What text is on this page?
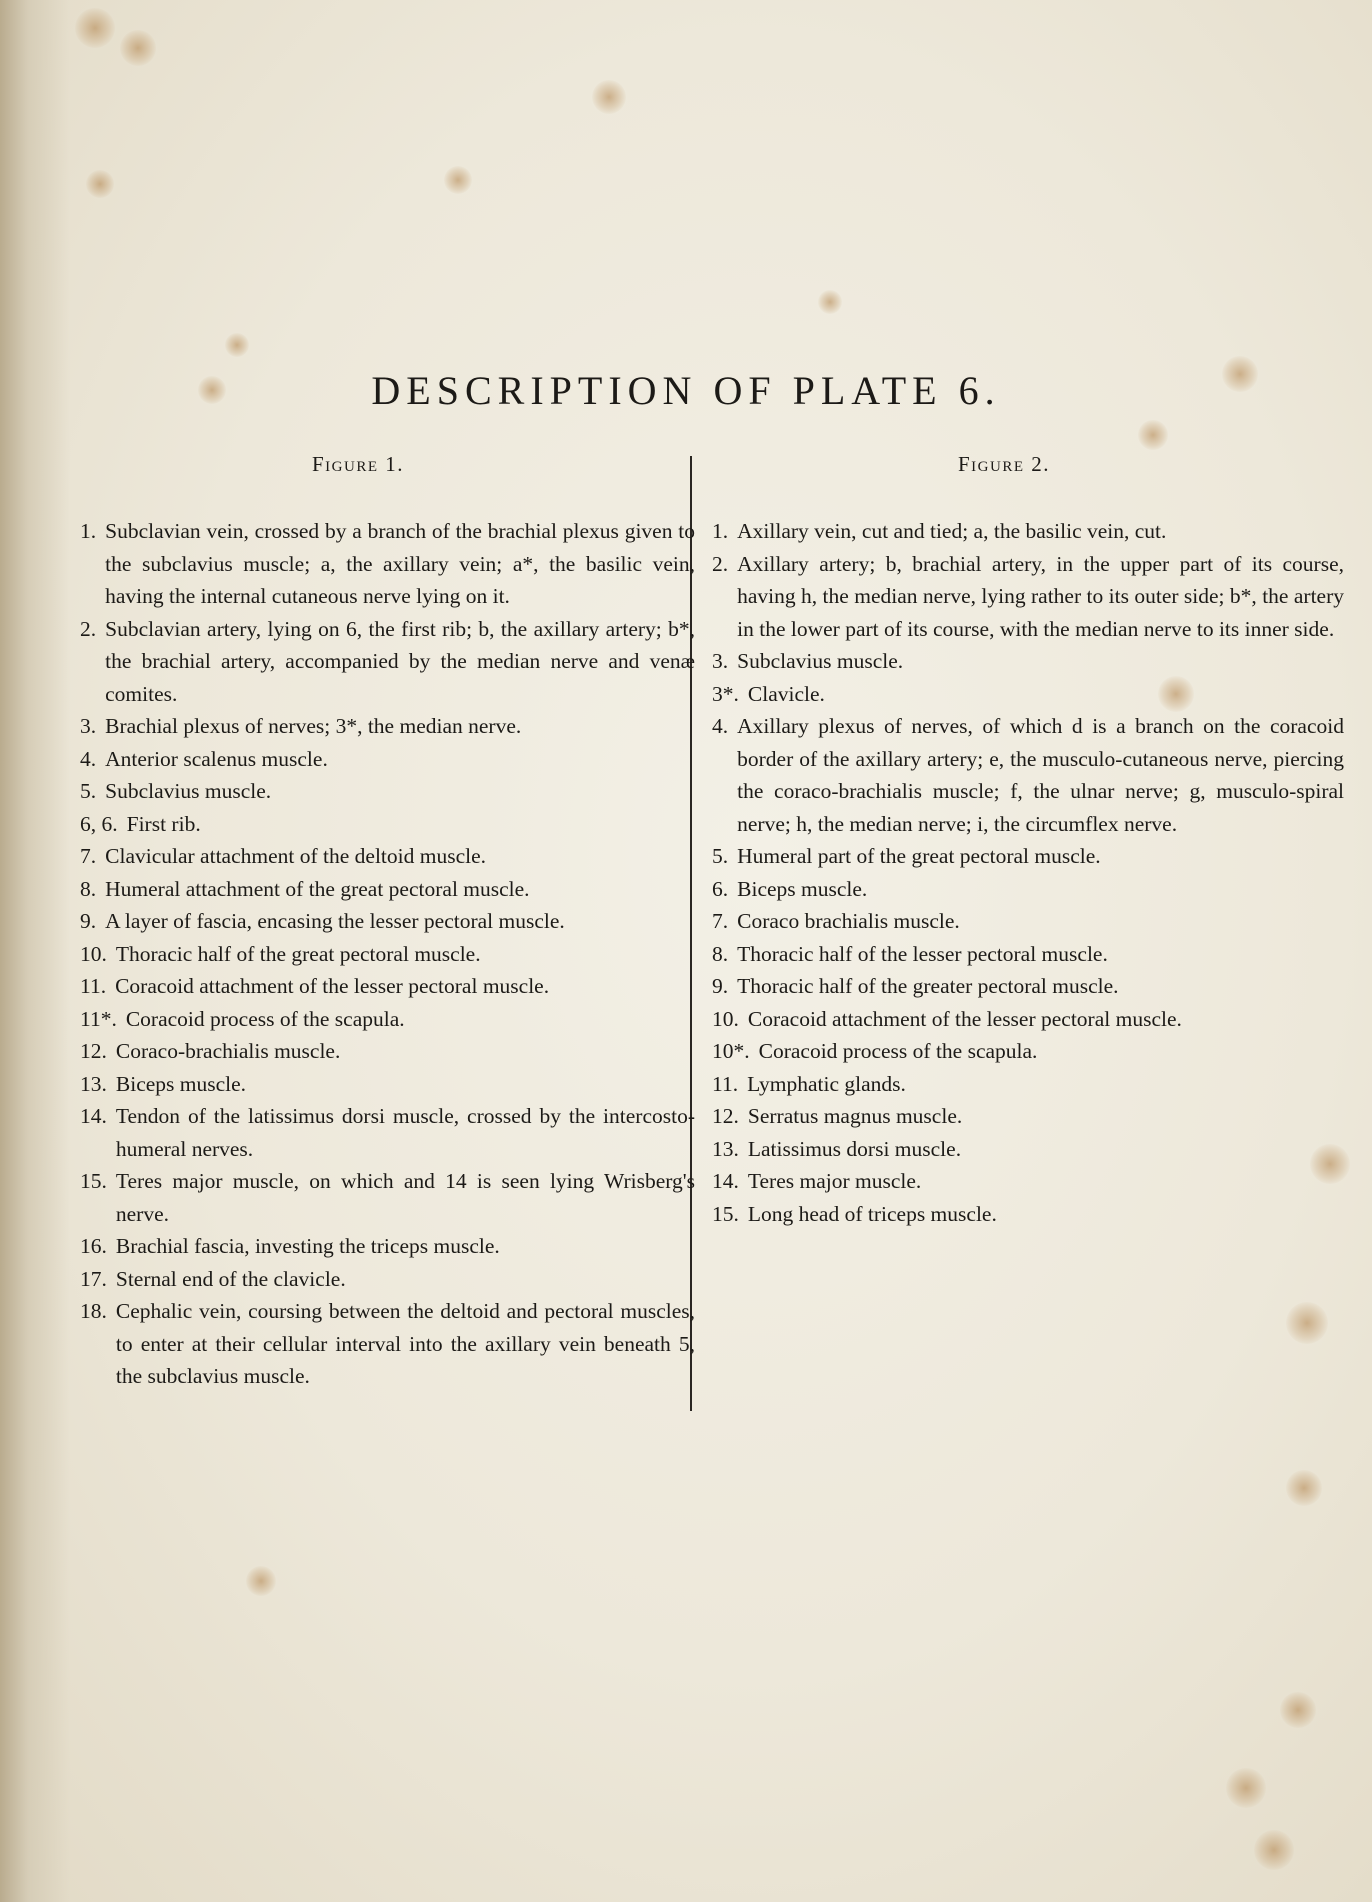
DESCRIPTION OF PLATE 6.
Figure 1.	Figure 2.
1. Subclavian vein, crossed by a branch of the brachial plexus given to the subclavius muscle; a, the axillary vein; a*, the basilic vein, having the internal cutaneous nerve lying on it.
2. Subclavian artery, lying on 6, the first rib; b, the axillary artery; b*, the brachial artery, accompanied by the median nerve and venæ comites.
3. Brachial plexus of nerves; 3*, the median nerve.
4. Anterior scalenus muscle.
5. Subclavius muscle.
6, 6. First rib.
7. Clavicular attachment of the deltoid muscle.
8. Humeral attachment of the great pectoral muscle.
9. A layer of fascia, encasing the lesser pectoral muscle.
10. Thoracic half of the great pectoral muscle.
11. Coracoid attachment of the lesser pectoral muscle.
11*. Coracoid process of the scapula.
12. Coraco-brachialis muscle.
13. Biceps muscle.
14. Tendon of the latissimus dorsi muscle, crossed by the intercosto-humeral nerves.
15. Teres major muscle, on which and 14 is seen lying Wrisberg's nerve.
16. Brachial fascia, investing the triceps muscle.
17. Sternal end of the clavicle.
18. Cephalic vein, coursing between the deltoid and pectoral muscles, to enter at their cellular interval into the axillary vein beneath 5, the subclavius muscle.
1. Axillary vein, cut and tied; a, the basilic vein, cut.
2. Axillary artery; b, brachial artery, in the upper part of its course, having h, the median nerve, lying rather to its outer side; b*, the artery in the lower part of its course, with the median nerve to its inner side.
3. Subclavius muscle.
3*. Clavicle.
4. Axillary plexus of nerves, of which d is a branch on the coracoid border of the axillary artery; e, the musculo-cutaneous nerve, piercing the coraco-brachialis muscle; f, the ulnar nerve; g, musculo-spiral nerve; h, the median nerve; i, the circumflex nerve.
5. Humeral part of the great pectoral muscle.
6. Biceps muscle.
7. Coraco brachialis muscle.
8. Thoracic half of the lesser pectoral muscle.
9. Thoracic half of the greater pectoral muscle.
10. Coracoid attachment of the lesser pectoral muscle.
10*. Coracoid process of the scapula.
11. Lymphatic glands.
12. Serratus magnus muscle.
13. Latissimus dorsi muscle.
14. Teres major muscle.
15. Long head of triceps muscle.
